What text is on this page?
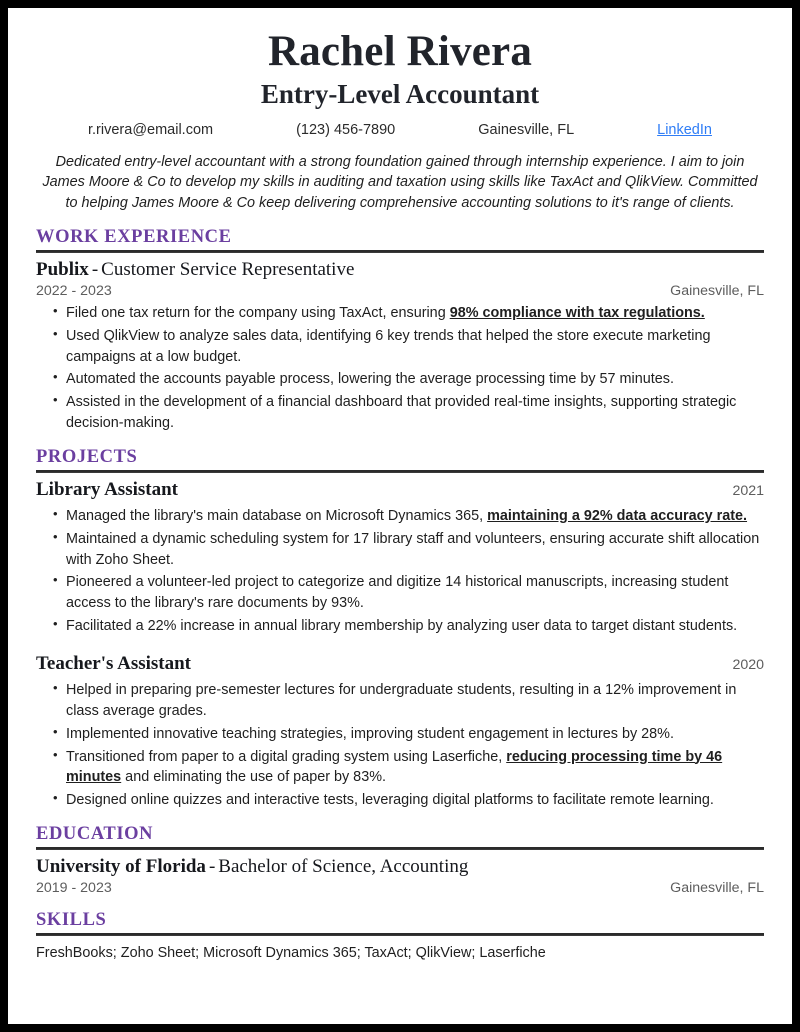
Rachel Rivera
Entry-Level Accountant
r.rivera@email.com	(123) 456-7890	Gainesville, FL	LinkedIn
Dedicated entry-level accountant with a strong foundation gained through internship experience. I aim to join James Moore & Co to develop my skills in auditing and taxation using skills like TaxAct and QlikView. Committed to helping James Moore & Co keep delivering comprehensive accounting solutions to it's range of clients.
WORK EXPERIENCE
Publix - Customer Service Representative
2022 - 2023	Gainesville, FL
• Filed one tax return for the company using TaxAct, ensuring 98% compliance with tax regulations.
• Used QlikView to analyze sales data, identifying 6 key trends that helped the store execute marketing campaigns at a low budget.
• Automated the accounts payable process, lowering the average processing time by 57 minutes.
• Assisted in the development of a financial dashboard that provided real-time insights, supporting strategic decision-making.
PROJECTS
Library Assistant	2021
• Managed the library's main database on Microsoft Dynamics 365, maintaining a 92% data accuracy rate.
• Maintained a dynamic scheduling system for 17 library staff and volunteers, ensuring accurate shift allocation with Zoho Sheet.
• Pioneered a volunteer-led project to categorize and digitize 14 historical manuscripts, increasing student access to the library's rare documents by 93%.
• Facilitated a 22% increase in annual library membership by analyzing user data to target distant students.
Teacher's Assistant	2020
• Helped in preparing pre-semester lectures for undergraduate students, resulting in a 12% improvement in class average grades.
• Implemented innovative teaching strategies, improving student engagement in lectures by 28%.
• Transitioned from paper to a digital grading system using Laserfiche, reducing processing time by 46 minutes and eliminating the use of paper by 83%.
• Designed online quizzes and interactive tests, leveraging digital platforms to facilitate remote learning.
EDUCATION
University of Florida - Bachelor of Science, Accounting
2019 - 2023	Gainesville, FL
SKILLS
FreshBooks; Zoho Sheet; Microsoft Dynamics 365; TaxAct; QlikView; Laserfiche
